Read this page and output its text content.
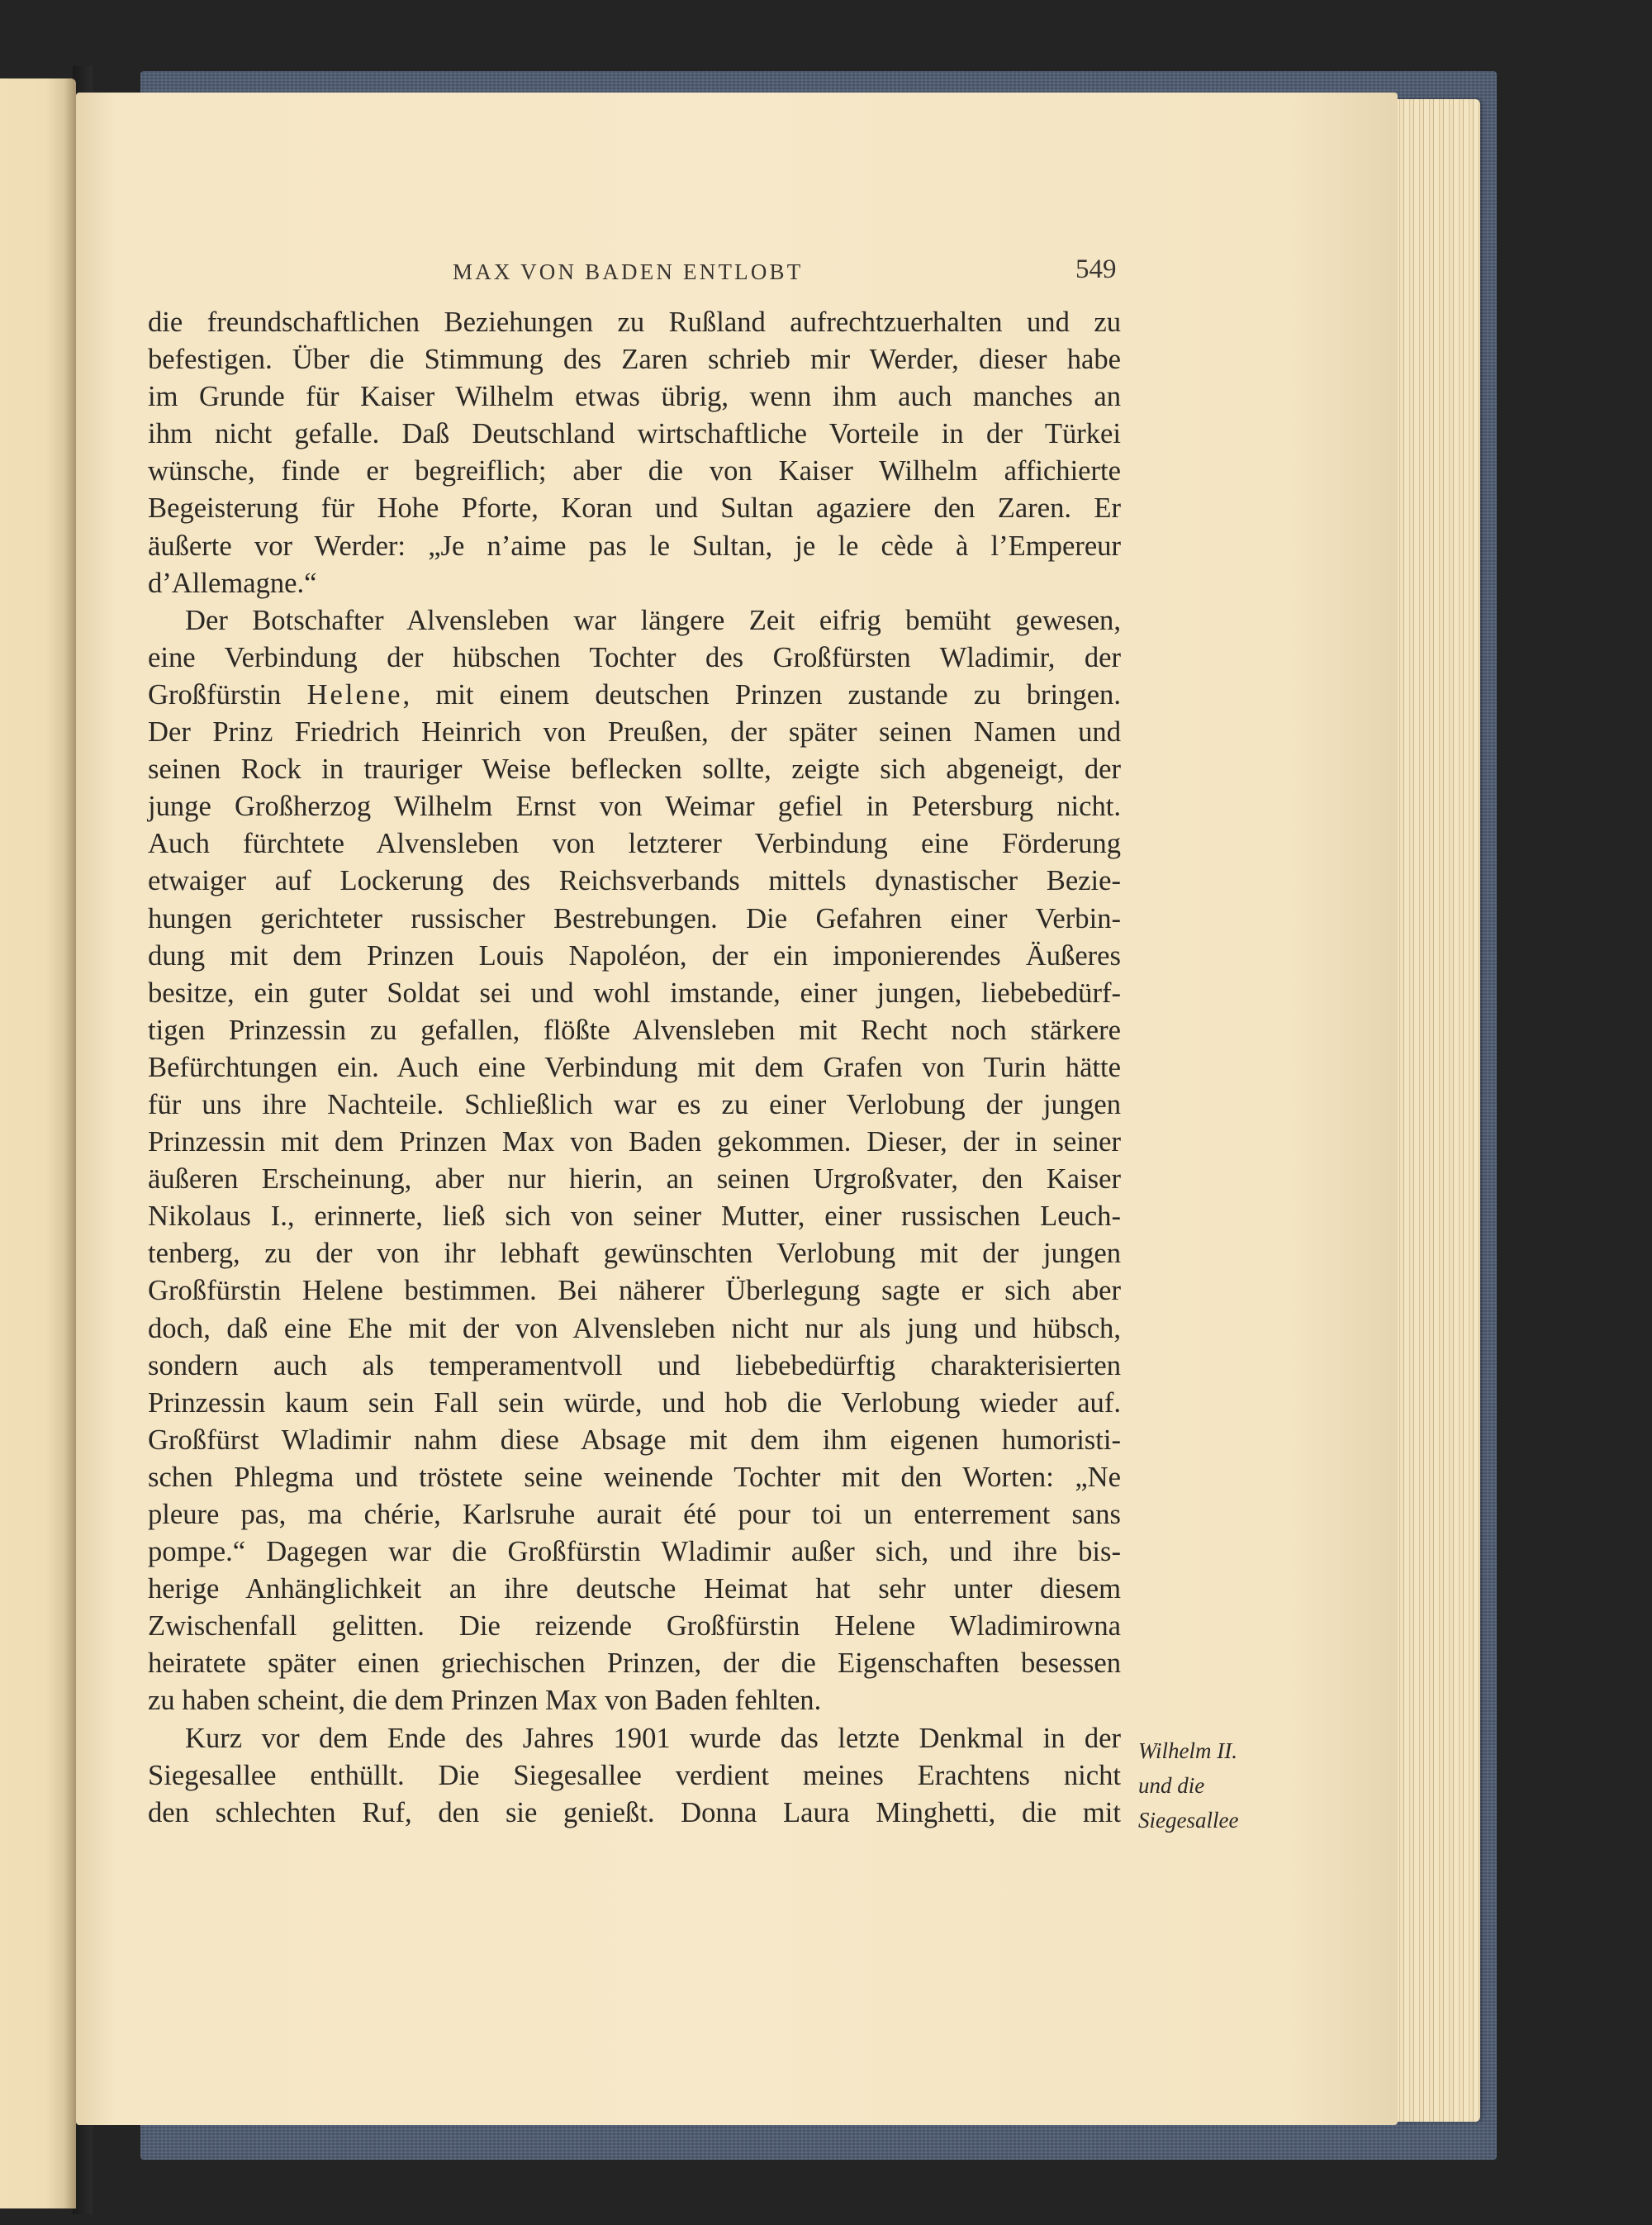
MAX VON BADEN ENTLOBT	549

die freundschaftlichen Beziehungen zu Rußland aufrechtzuerhalten und zu

befestigen. Über die Stimmung des Zaren schrieb mir Werder, dieser habe

im Grunde für Kaiser Wilhelm etwas übrig, wenn ihm auch manches an

ihm nicht gefalle. Daß Deutschland wirtschaftliche Vorteile in der Türkei

wünsche, finde er begreiflich; aber die von Kaiser Wilhelm affichierte

Begeisterung für Hohe Pforte, Koran und Sultan agaziere den Zaren. Er

äußerte vor Werder: „Je n’aime pas le Sultan, je le cède à l’Empereur

d’Allemagne.“

Der Botschafter Alvensleben war längere Zeit eifrig bemüht gewesen,

eine Verbindung der hübschen Tochter des Großfürsten Wladimir, der

Großfürstin Helene, mit einem deutschen Prinzen zustande zu bringen.

Der Prinz Friedrich Heinrich von Preußen, der später seinen Namen und

seinen Rock in trauriger Weise beflecken sollte, zeigte sich abgeneigt, der

junge Großherzog Wilhelm Ernst von Weimar gefiel in Petersburg nicht.

Auch fürchtete Alvensleben von letzterer Verbindung eine Förderung

etwaiger auf Lockerung des Reichsverbands mittels dynastischer Bezie-

hungen gerichteter russischer Bestrebungen. Die Gefahren einer Verbin-

dung mit dem Prinzen Louis Napoléon, der ein imponierendes Äußeres

besitze, ein guter Soldat sei und wohl imstande, einer jungen, liebebedürf-

tigen Prinzessin zu gefallen, flößte Alvensleben mit Recht noch stärkere

Befürchtungen ein. Auch eine Verbindung mit dem Grafen von Turin hätte

für uns ihre Nachteile. Schließlich war es zu einer Verlobung der jungen

Prinzessin mit dem Prinzen Max von Baden gekommen. Dieser, der in seiner

äußeren Erscheinung, aber nur hierin, an seinen Urgroßvater, den Kaiser

Nikolaus I., erinnerte, ließ sich von seiner Mutter, einer russischen Leuch-

tenberg, zu der von ihr lebhaft gewünschten Verlobung mit der jungen

Großfürstin Helene bestimmen. Bei näherer Überlegung sagte er sich aber

doch, daß eine Ehe mit der von Alvensleben nicht nur als jung und hübsch,

sondern auch als temperamentvoll und liebebedürftig charakterisierten

Prinzessin kaum sein Fall sein würde, und hob die Verlobung wieder auf.

Großfürst Wladimir nahm diese Absage mit dem ihm eigenen humoristi-

schen Phlegma und tröstete seine weinende Tochter mit den Worten: „Ne

pleure pas, ma chérie, Karlsruhe aurait été pour toi un enterrement sans

pompe.“ Dagegen war die Großfürstin Wladimir außer sich, und ihre bis-

herige Anhänglichkeit an ihre deutsche Heimat hat sehr unter diesem

Zwischenfall gelitten. Die reizende Großfürstin Helene Wladimirowna

heiratete später einen griechischen Prinzen, der die Eigenschaften besessen

zu haben scheint, die dem Prinzen Max von Baden fehlten.

Kurz vor dem Ende des Jahres 1901 wurde das letzte Denkmal in der

Siegesallee enthüllt. Die Siegesallee verdient meines Erachtens nicht

den schlechten Ruf, den sie genießt. Donna Laura Minghetti, die mit

Wilhelm II.
und die
Siegesallee
